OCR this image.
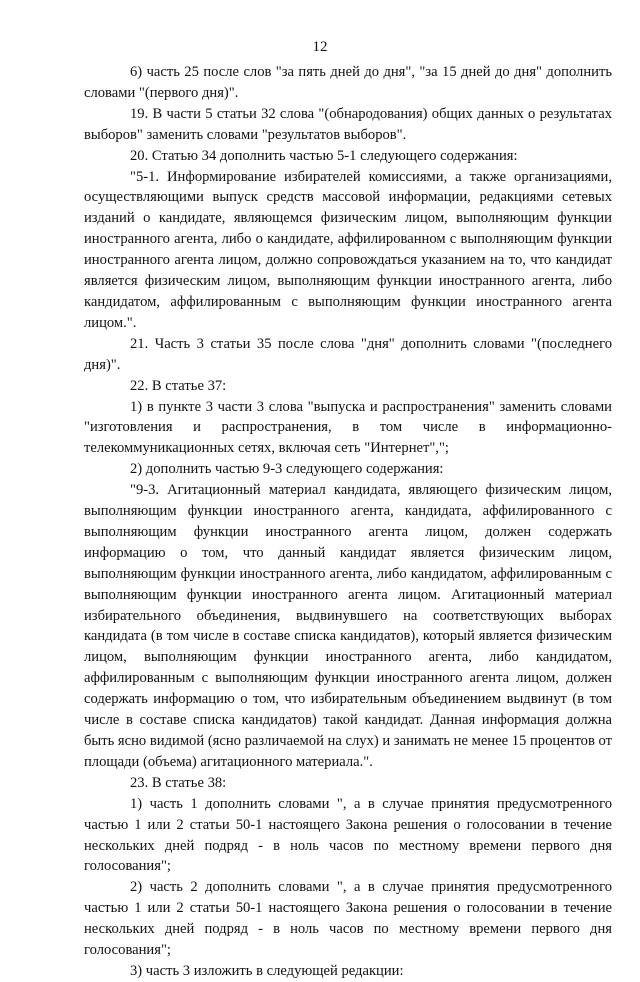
12

6) часть 25 после слов "за пять дней до дня", "за 15 дней до дня" дополнить словами "(первого дня)".

19. В части 5 статьи 32 слова "(обнародования) общих данных о результатах выборов" заменить словами "результатов выборов".

20. Статью 34 дополнить частью 5-1 следующего содержания:

"5-1. Информирование избирателей комиссиями, а также организациями, осуществляющими выпуск средств массовой информации, редакциями сетевых изданий о кандидате, являющемся физическим лицом, выполняющим функции иностранного агента, либо о кандидате, аффилированном с выполняющим функции иностранного агента лицом, должно сопровождаться указанием на то, что кандидат является физическим лицом, выполняющим функции иностранного агента, либо кандидатом, аффилированным с выполняющим функции иностранного агента лицом.".

21. Часть 3 статьи 35 после слова "дня" дополнить словами "(последнего дня)".

22. В статье 37:

1) в пункте 3 части 3 слова "выпуска и распространения" заменить словами "изготовления и распространения, в том числе в информационно-телекоммуникационных сетях, включая сеть "Интернет",";

2) дополнить частью 9-3 следующего содержания:

"9-3. Агитационный материал кандидата, являющего физическим лицом, выполняющим функции иностранного агента, кандидата, аффилированного с выполняющим функции иностранного агента лицом, должен содержать информацию о том, что данный кандидат является физическим лицом, выполняющим функции иностранного агента, либо кандидатом, аффилированным с выполняющим функции иностранного агента лицом. Агитационный материал избирательного объединения, выдвинувшего на соответствующих выборах кандидата (в том числе в составе списка кандидатов), который является физическим лицом, выполняющим функции иностранного агента, либо кандидатом, аффилированным с выполняющим функции иностранного агента лицом, должен содержать информацию о том, что избирательным объединением выдвинут (в том числе в составе списка кандидатов) такой кандидат. Данная информация должна быть ясно видимой (ясно различаемой на слух) и занимать не менее 15 процентов от площади (объема) агитационного материала.".

23. В статье 38:

1) часть 1 дополнить словами ", а в случае принятия предусмотренного частью 1 или 2 статьи 50-1 настоящего Закона решения о голосовании в течение нескольких дней подряд - в ноль часов по местному времени первого дня голосования";

2) часть 2 дополнить словами ", а в случае принятия предусмотренного частью 1 или 2 статьи 50-1 настоящего Закона решения о голосовании в течение нескольких дней подряд - в ноль часов по местному времени первого дня голосования";

3) часть 3 изложить в следующей редакции:
